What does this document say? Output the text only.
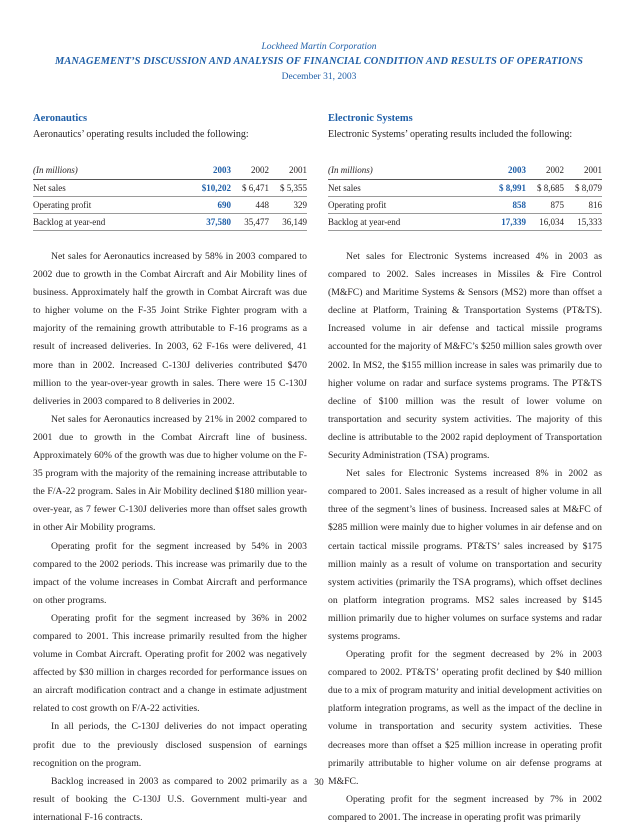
Lockheed Martin Corporation
MANAGEMENT’S DISCUSSION AND ANALYSIS OF FINANCIAL CONDITION AND RESULTS OF OPERATIONS
December 31, 2003
Aeronautics
Aeronautics’ operating results included the following:
(In millions)	2003	2002	2001
Net sales	$10,202	$ 6,471	$ 5,355
Operating profit	690	448	329
Backlog at year-end	37,580	35,477	36,149

Net sales for Aeronautics increased by 58% in 2003 compared to 2002 due to growth in the Combat Aircraft and Air Mobility lines of business. Approximately half the growth in Combat Aircraft was due to higher volume on the F-35 Joint Strike Fighter program with a majority of the remaining growth attributable to F-16 programs as a result of increased deliveries. In 2003, 62 F-16s were delivered, 41 more than in 2002. Increased C-130J deliveries contributed $470 million to the year-over-year growth in sales. There were 15 C-130J deliveries in 2003 compared to 8 deliveries in 2002.

Net sales for Aeronautics increased by 21% in 2002 compared to 2001 due to growth in the Combat Aircraft line of business. Approximately 60% of the growth was due to higher volume on the F-35 program with the majority of the remaining increase attributable to the F/A-22 program. Sales in Air Mobility declined $180 million year-over-year, as 7 fewer C-130J deliveries more than offset sales growth in other Air Mobility programs.

Operating profit for the segment increased by 54% in 2003 compared to the 2002 periods. This increase was primarily due to the impact of the volume increases in Combat Aircraft and performance on other programs.

Operating profit for the segment increased by 36% in 2002 compared to 2001. This increase primarily resulted from the higher volume in Combat Aircraft. Operating profit for 2002 was negatively affected by $30 million in charges recorded for performance issues on an aircraft modification contract and a change in estimate adjustment related to cost growth on F/A-22 activities.

In all periods, the C-130J deliveries do not impact operating profit due to the previously disclosed suspension of earnings recognition on the program.

Backlog increased in 2003 as compared to 2002 primarily as a result of booking the C-130J U.S. Government multi-year and international F-16 contracts.

Electronic Systems
Electronic Systems’ operating results included the following:
(In millions)	2003	2002	2001
Net sales	$ 8,991	$ 8,685	$ 8,079
Operating profit	858	875	816
Backlog at year-end	17,339	16,034	15,333

Net sales for Electronic Systems increased 4% in 2003 as compared to 2002. Sales increases in Missiles & Fire Control (M&FC) and Maritime Systems & Sensors (MS2) more than offset a decline at Platform, Training & Transportation Systems (PT&TS). Increased volume in air defense and tactical missile programs accounted for the majority of M&FC’s $250 million sales growth over 2002. In MS2, the $155 million increase in sales was primarily due to higher volume on radar and surface systems programs. The PT&TS decline of $100 million was the result of lower volume on transportation and security system activities. The majority of this decline is attributable to the 2002 rapid deployment of Transportation Security Administration (TSA) programs.

Net sales for Electronic Systems increased 8% in 2002 as compared to 2001. Sales increased as a result of higher volume in all three of the segment’s lines of business. Increased sales at M&FC of $285 million were mainly due to higher volumes in air defense and on certain tactical missile programs. PT&TS’ sales increased by $175 million mainly as a result of volume on transportation and security system activities (primarily the TSA programs), which offset declines on platform integration programs. MS2 sales increased by $145 million primarily due to higher volumes on surface systems and radar systems programs.

Operating profit for the segment decreased by 2% in 2003 compared to 2002. PT&TS’ operating profit declined by $40 million due to a mix of program maturity and initial development activities on platform integration programs, as well as the impact of the decline in volume in transportation and security system activities. These decreases more than offset a $25 million increase in operating profit primarily attributable to higher volume on air defense programs at M&FC.

Operating profit for the segment increased by 7% in 2002 compared to 2001. The increase in operating profit was primarily

30
